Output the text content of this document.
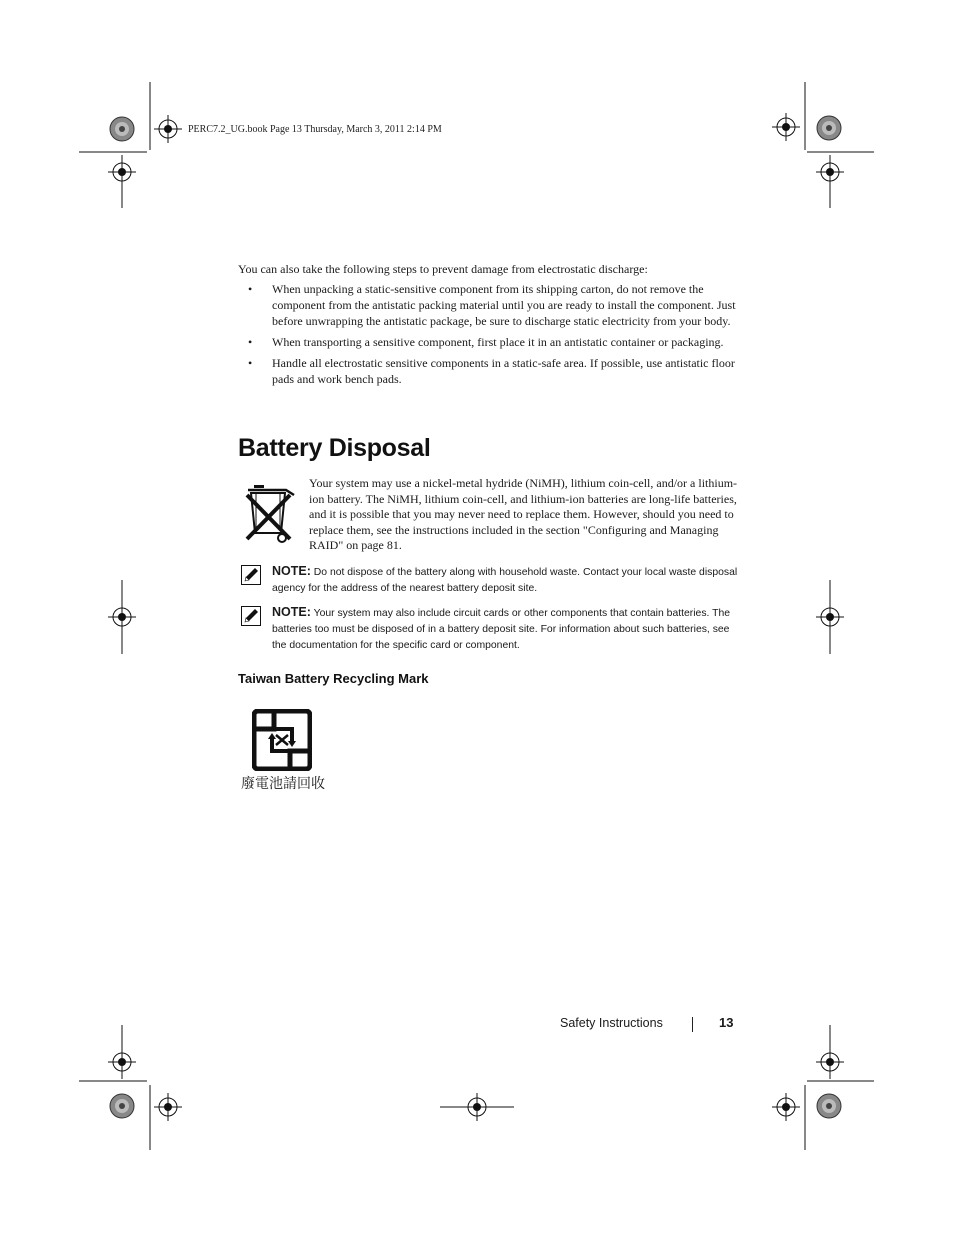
PERC7.2_UG.book Page 13 Thursday, March 3, 2011 2:14 PM

You can also take the following steps to prevent damage from electrostatic discharge:

• When unpacking a static-sensitive component from its shipping carton, do not remove the component from the antistatic packing material until you are ready to install the component. Just before unwrapping the antistatic package, be sure to discharge static electricity from your body.
• When transporting a sensitive component, first place it in an antistatic container or packaging.
• Handle all electrostatic sensitive components in a static-safe area. If possible, use antistatic floor pads and work bench pads.
Battery Disposal

Your system may use a nickel-metal hydride (NiMH), lithium coin-cell, and/or a lithium-ion battery. The NiMH, lithium coin-cell, and lithium-ion batteries are long-life batteries, and it is possible that you may never need to replace them. However, should you need to replace them, see the instructions included in the section "Configuring and Managing RAID" on page 81.

NOTE: Do not dispose of the battery along with household waste. Contact your local waste disposal agency for the address of the nearest battery deposit site.
NOTE: Your system may also include circuit cards or other components that contain batteries. The batteries too must be disposed of in a battery deposit site. For information about such batteries, see the documentation for the specific card or component.
Taiwan Battery Recycling Mark
廢電池請回收
Safety Instructions	13
